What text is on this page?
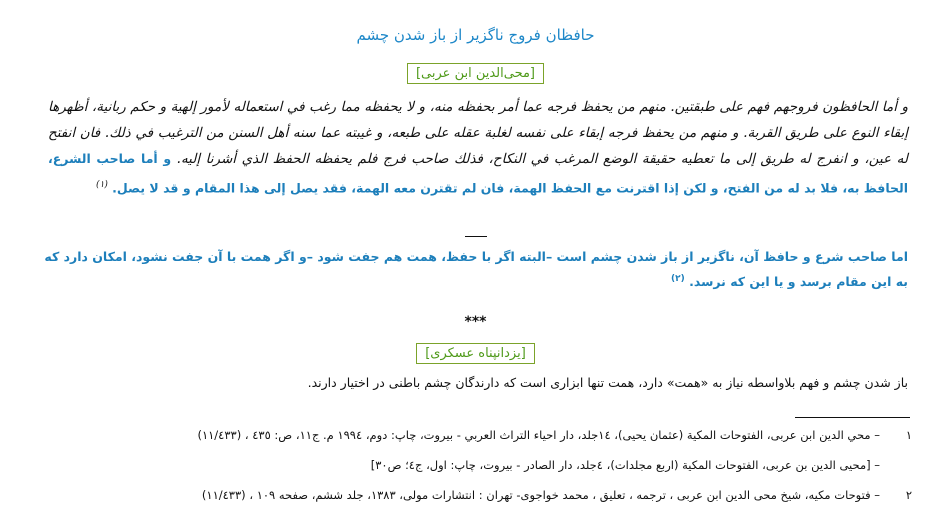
حافظان فروج ناگزیر از باز شدن چشم
[محی‌الدین ابن عربی]
و أما الحافظون فروجهم فهم على طبقتين. منهم من يحفظ فرجه عما أمر بحفظه منه، و لا يحفظه مما رغب في استعماله لأمور إلهية و حكم ربانية، أظهرها إبقاء النوع على طريق القربة. و منهم من يحفظ فرجه إبقاء على نفسه لغلبة عقله على طبعه، و غيبته عما سنه أهل السنن من الترغيب في ذلك. فان انفتح له عين، و انفرج له طريق إلى ما تعطيه حقيقة الوضع المرغب في النكاح، فذلك صاحب فرج فلم يحفظه الحفظ الذي أشرنا إليه. و أما صاحب الشرع، الحافظ به، فلا بد له من الفتح، و لكن إذا اقترنت مع الحفظ الهمة، فان لم تقترن معه الهمة، فقد يصل إلى هذا المقام و قد لا يصل. $^{(١)}$
اما صاحب شرع و حافظ آن، ناگزیر از باز شدن چشم است –البته اگر با حفظ، همت هم جفت شود –و اگر همت با آن جفت نشود، امکان دارد که به این مقام برسد و یا این که نرسد. $^{(٢)}$
***
[یزدانپناه عسکری]
باز شدن چشم و فهم بلاواسطه نیاز به «همت» دارد، همت تنها ابزاری است که دارندگان چشم باطنی در اختیار دارند.
١
– محي الدين ابن عربى، الفتوحات المكية (عثمان يحيى)، ١٤جلد، دار احياء التراث العربي - بيروت، چاپ: دوم، ١٩٩٤ م. ج١١، ص: ٤٣٥ ، (١١/٤٣٣)
– [محيى الدين بن عربى، الفتوحات المكية (اربع مجلدات)، ٤جلد، دار الصادر - بيروت، چاپ: اول، ج٤؛ ص٣٠]
٢
– فتوحات مکیه، شیخ محی الدین ابن عربی ، ترجمه ، تعلیق ، محمد خواجوی- تهران : انتشارات مولی، ١٣٨٣، جلد ششم، صفحه ١٠٩ ، (١١/٤٣٣)
